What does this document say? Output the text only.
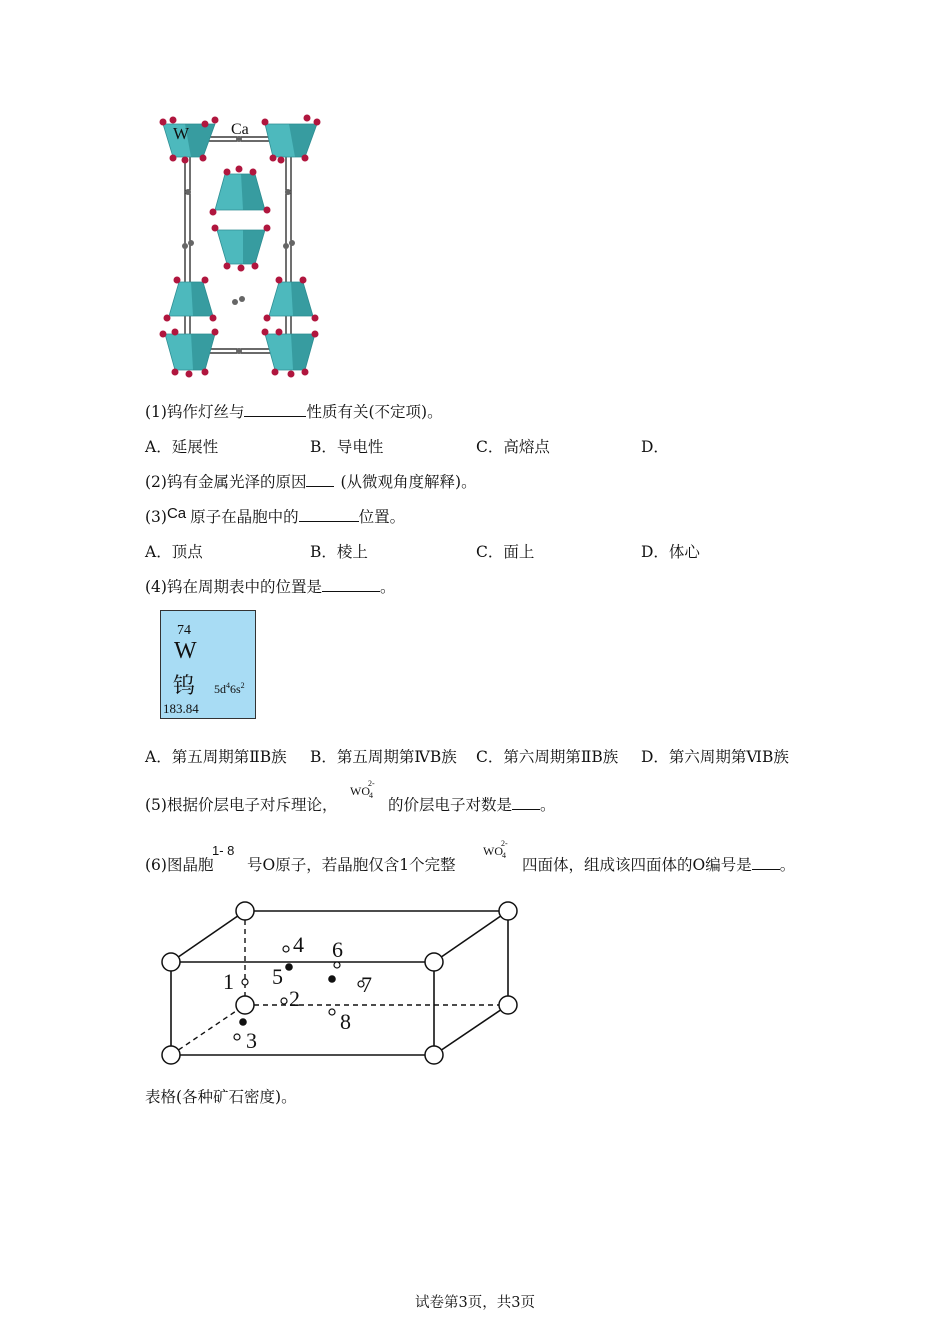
W	Ca
(1)钨作灯丝与	性质有关(不定项)。
A．延展性	B．导电性	C．高熔点	D．
(2)钨有金属光泽的原因 (从微观角度解释)。
(3)Ca 原子在晶胞中的	位置。
A．顶点	B．棱上	C．面上	D．体心
(4)钨在周期表中的位置是	。
74
W
钨 $5d^46s^2$
183.84
A．第五周期第ⅡB族 B．第五周期第ⅣB族 C．第六周期第ⅡB族 D．第六周期第ⅥB族
(5)根据价层电子对斥理论，
$WO_4^{2-}$
的价层电子对数是 。
(6)图晶胞
1- 8
号O原子，若晶胞仅含1个完整
$WO_4^{2-}$
四面体，组成该四面体的O编号是 。
1
2
3
4
5
6
7
8
表格(各种矿石密度)。
试卷第3页，共3页
